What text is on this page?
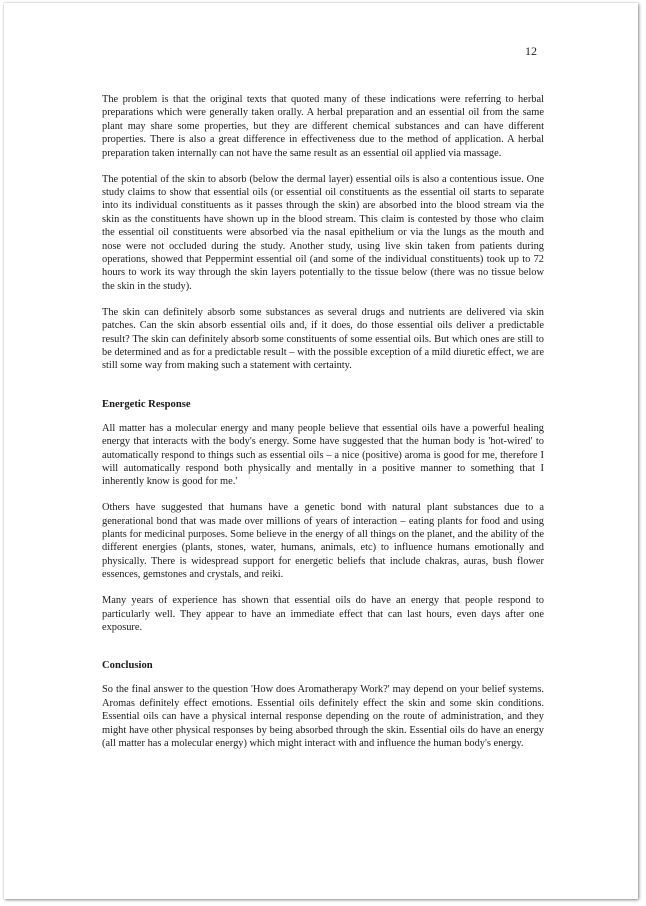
12

The problem is that the original texts that quoted many of these indications were referring to herbal preparations which were generally taken orally. A herbal preparation and an essential oil from the same plant may share some properties, but they are different chemical substances and can have different properties. There is also a great difference in effectiveness due to the method of application. A herbal preparation taken internally can not have the same result as an essential oil applied via massage.

The potential of the skin to absorb (below the dermal layer) essential oils is also a contentious issue. One study claims to show that essential oils (or essential oil constituents as the essential oil starts to separate into its individual constituents as it passes through the skin) are absorbed into the blood stream via the skin as the constituents have shown up in the blood stream. This claim is contested by those who claim the essential oil constituents were absorbed via the nasal epithelium or via the lungs as the mouth and nose were not occluded during the study. Another study, using live skin taken from patients during operations, showed that Peppermint essential oil (and some of the individual constituents) took up to 72 hours to work its way through the skin layers potentially to the tissue below (there was no tissue below the skin in the study).

The skin can definitely absorb some substances as several drugs and nutrients are delivered via skin patches. Can the skin absorb essential oils and, if it does, do those essential oils deliver a predictable result? The skin can definitely absorb some constituents of some essential oils. But which ones are still to be determined and as for a predictable result – with the possible exception of a mild diuretic effect, we are still some way from making such a statement with certainty.

Energetic Response

All matter has a molecular energy and many people believe that essential oils have a powerful healing energy that interacts with the body's energy. Some have suggested that the human body is 'hot-wired' to automatically respond to things such as essential oils – a nice (positive) aroma is good for me, therefore I will automatically respond both physically and mentally in a positive manner to something that I inherently know is good for me.'

Others have suggested that humans have a genetic bond with natural plant substances due to a generational bond that was made over millions of years of interaction – eating plants for food and using plants for medicinal purposes. Some believe in the energy of all things on the planet, and the ability of the different energies (plants, stones, water, humans, animals, etc) to influence humans emotionally and physically. There is widespread support for energetic beliefs that include chakras, auras, bush flower essences, gemstones and crystals, and reiki.

Many years of experience has shown that essential oils do have an energy that people respond to particularly well. They appear to have an immediate effect that can last hours, even days after one exposure.

Conclusion

So the final answer to the question 'How does Aromatherapy Work?' may depend on your belief systems. Aromas definitely effect emotions. Essential oils definitely effect the skin and some skin conditions. Essential oils can have a physical internal response depending on the route of administration, and they might have other physical responses by being absorbed through the skin. Essential oils do have an energy (all matter has a molecular energy) which might interact with and influence the human body's energy.
